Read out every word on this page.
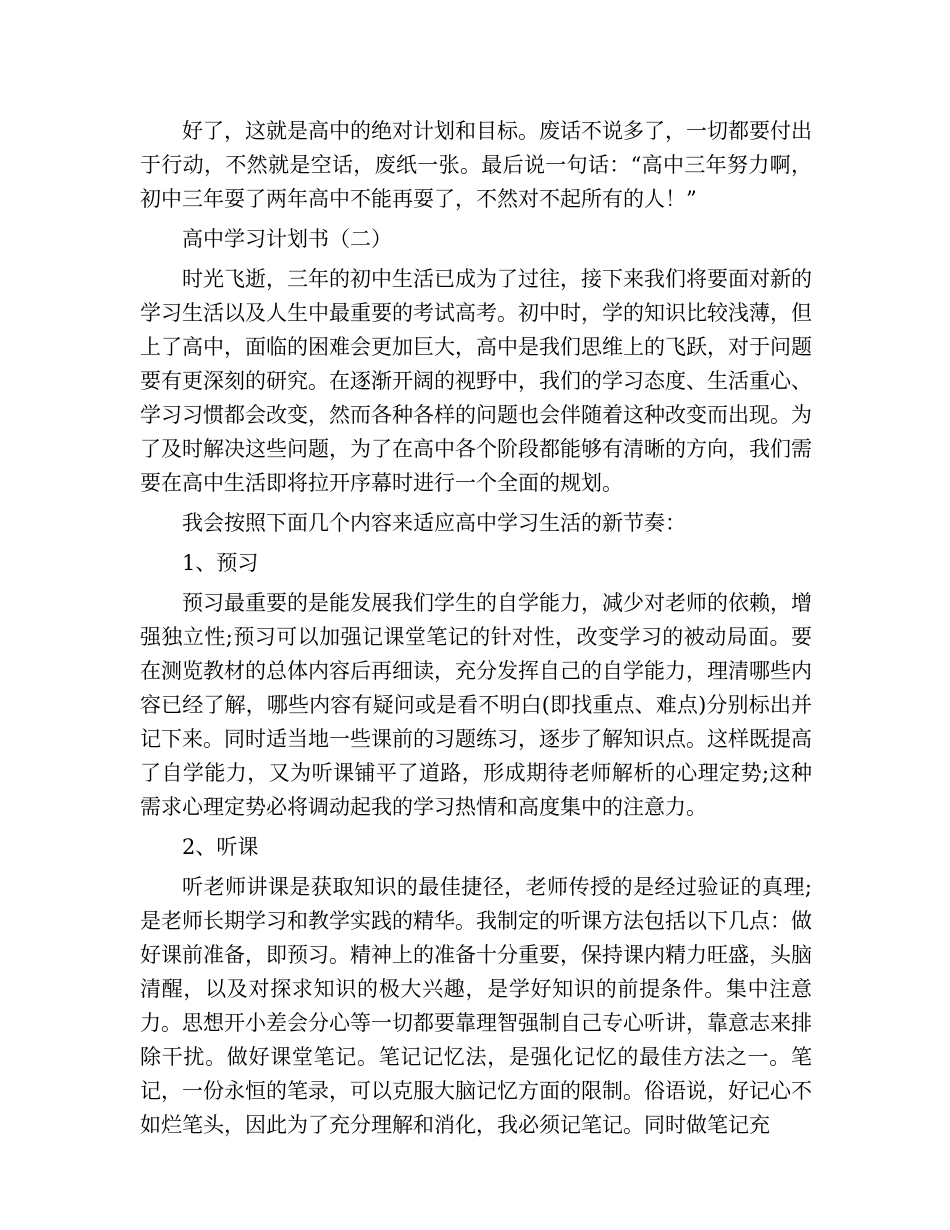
好了，这就是高中的绝对计划和目标。废话不说多了，一切都要付出于行动，不然就是空话，废纸一张。最后说一句话：“高中三年努力啊，初中三年耍了两年高中不能再耍了，不然对不起所有的人！”

高中学习计划书（二）

时光飞逝，三年的初中生活已成为了过往，接下来我们将要面对新的学习生活以及人生中最重要的考试高考。初中时，学的知识比较浅薄，但上了高中，面临的困难会更加巨大，高中是我们思维上的飞跃，对于问题要有更深刻的研究。在逐渐开阔的视野中，我们的学习态度、生活重心、学习习惯都会改变，然而各种各样的问题也会伴随着这种改变而出现。为了及时解决这些问题，为了在高中各个阶段都能够有清晰的方向，我们需要在高中生活即将拉开序幕时进行一个全面的规划。

我会按照下面几个内容来适应高中学习生活的新节奏：

1、预习

预习最重要的是能发展我们学生的自学能力，减少对老师的依赖，增强独立性;预习可以加强记课堂笔记的针对性，改变学习的被动局面。要在测览教材的总体内容后再细读，充分发挥自己的自学能力，理清哪些内容已经了解，哪些内容有疑问或是看不明白(即找重点、难点)分别标出并记下来。同时适当地一些课前的习题练习，逐步了解知识点。这样既提高了自学能力，又为听课铺平了道路，形成期待老师解析的心理定势;这种需求心理定势必将调动起我的学习热情和高度集中的注意力。

2、听课

听老师讲课是获取知识的最佳捷径，老师传授的是经过验证的真理;是老师长期学习和教学实践的精华。我制定的听课方法包括以下几点：做好课前准备，即预习。精神上的准备十分重要，保持课内精力旺盛，头脑清醒，以及对探求知识的极大兴趣，是学好知识的前提条件。集中注意力。思想开小差会分心等一切都要靠理智强制自己专心听讲，靠意志来排除干扰。做好课堂笔记。笔记记忆法，是强化记忆的最佳方法之一。笔记，一份永恒的笔录，可以克服大脑记忆方面的限制。俗语说，好记心不如烂笔头，因此为了充分理解和消化，我必须记笔记。同时做笔记充
